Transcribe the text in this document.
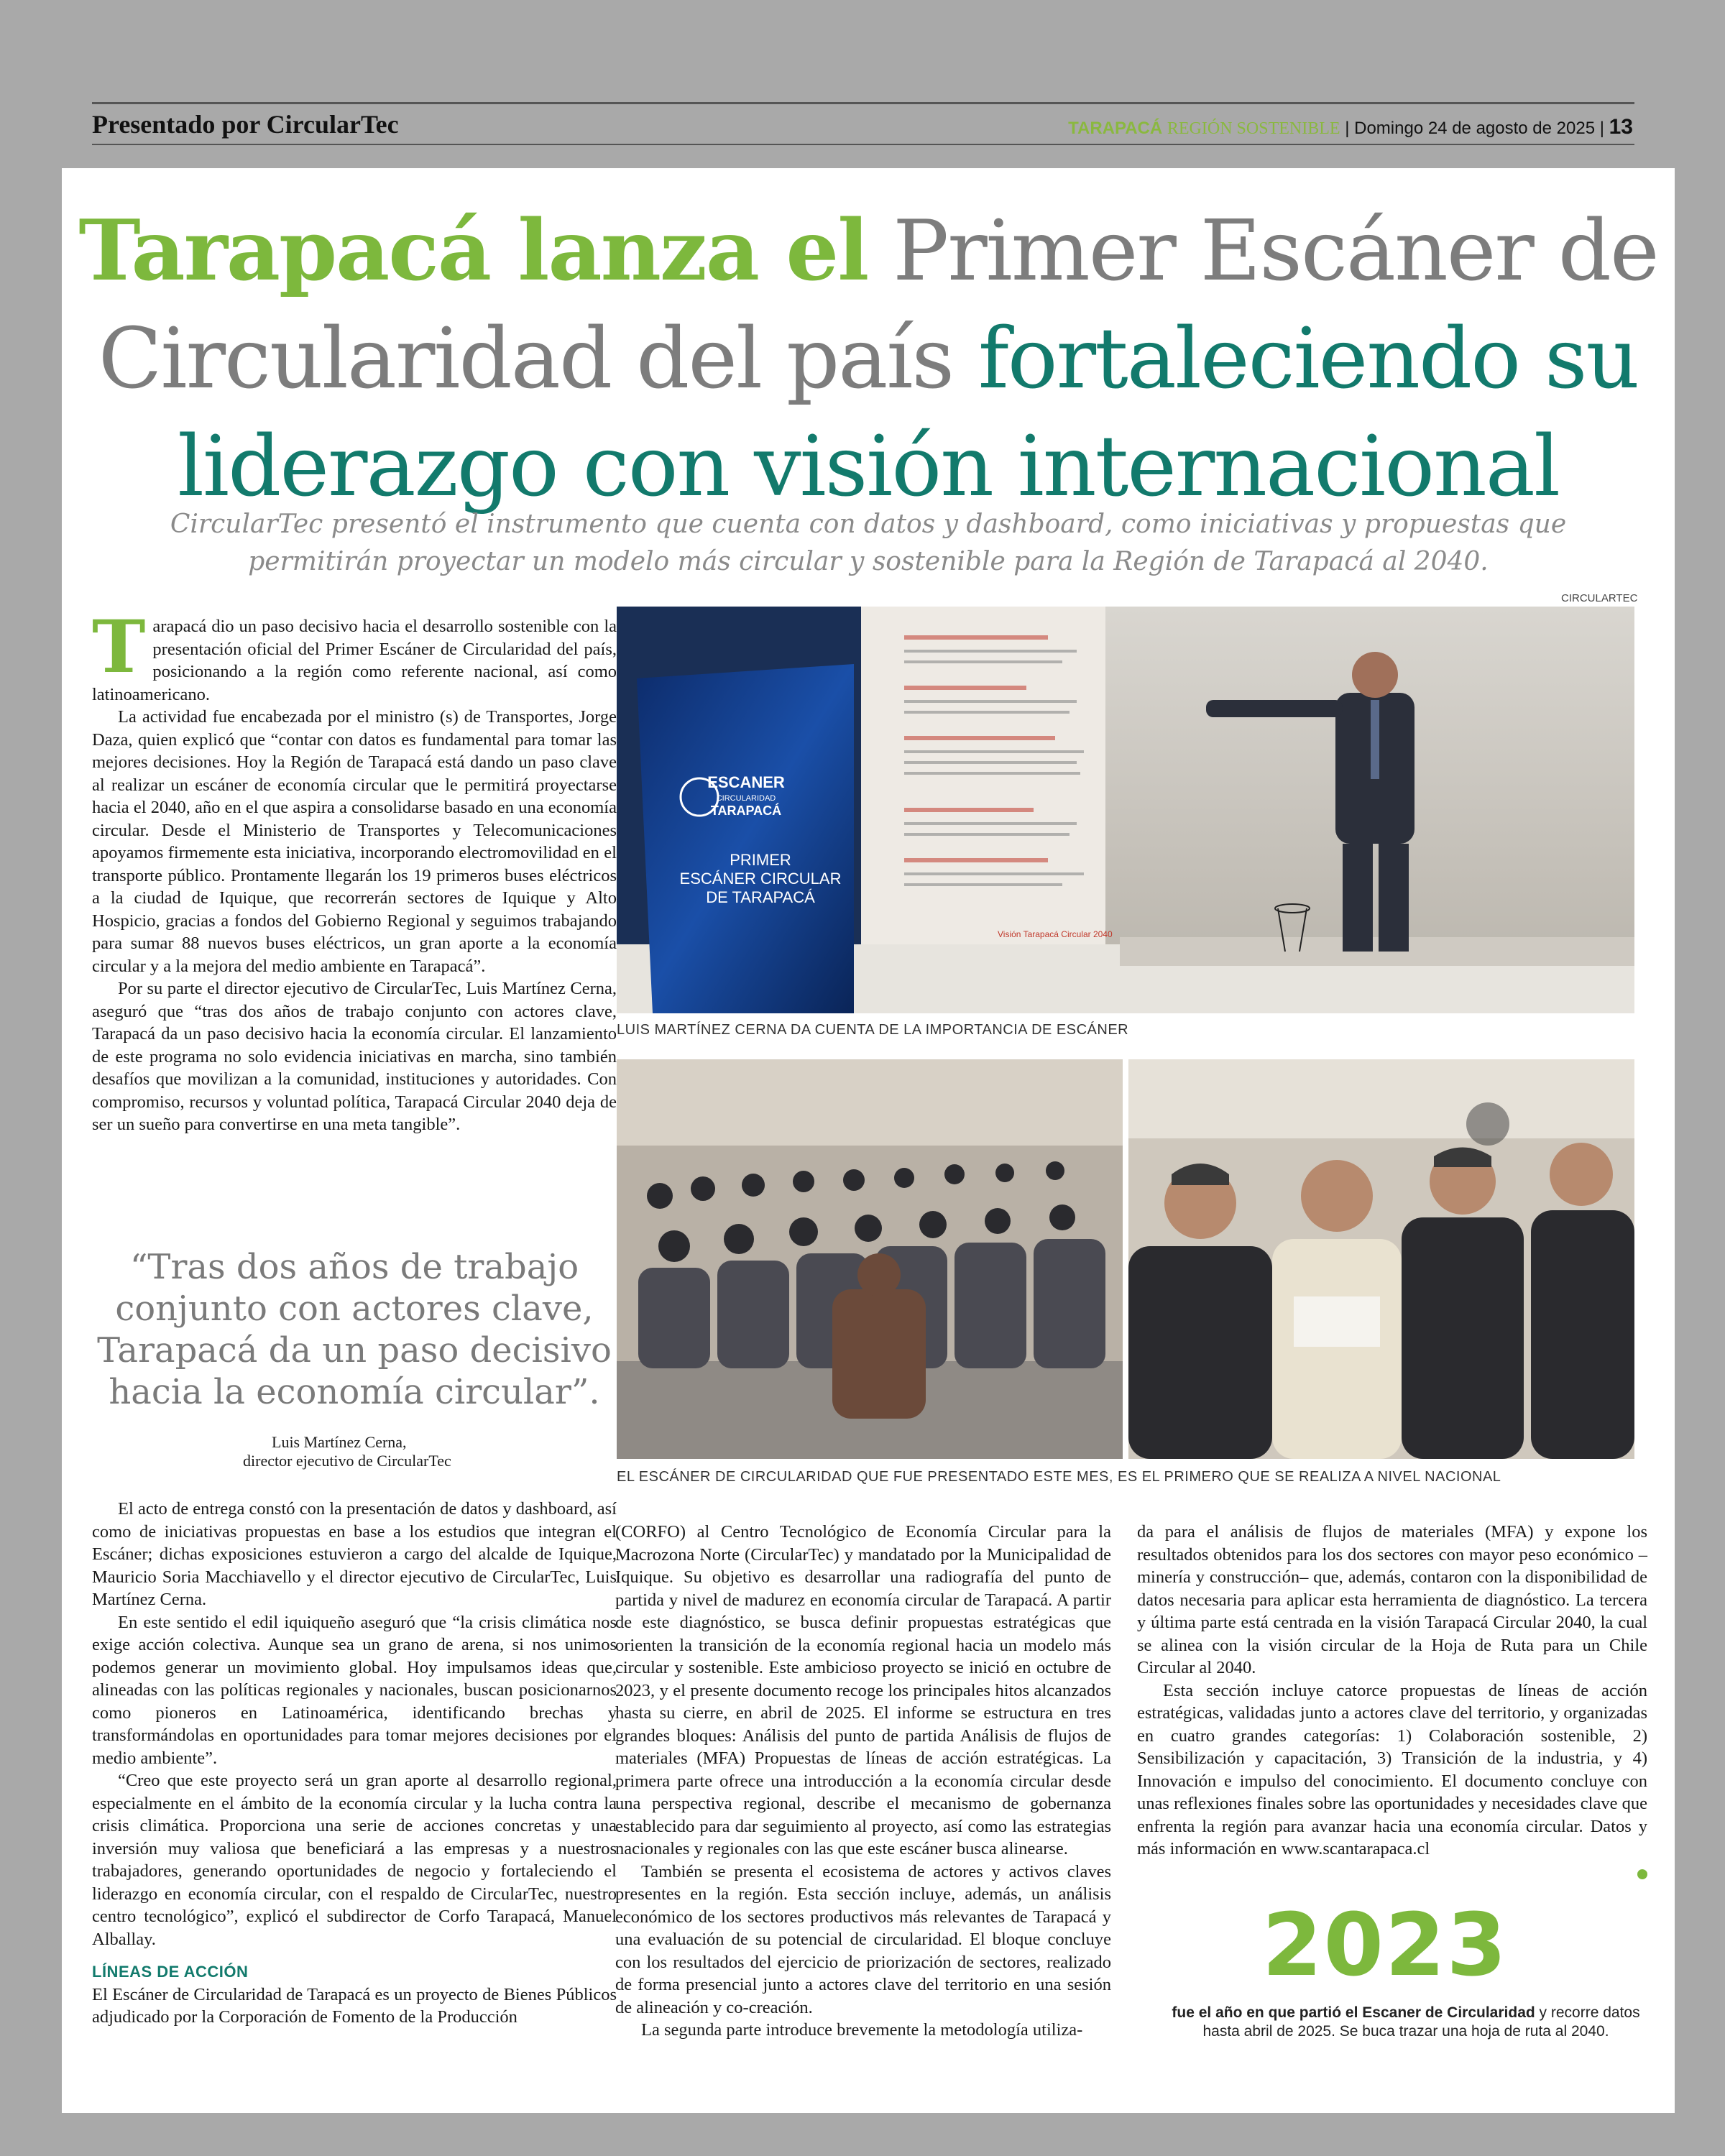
Presentado por CircularTec	TARAPACÁ REGIÓN SOSTENIBLE | Domingo 24 de agosto de 2025 | 13
Tarapacá lanza el Primer Escáner de Circularidad del país fortaleciendo su liderazgo con visión internacional
CircularTec presentó el instrumento que cuenta con datos y dashboard, como iniciativas y propuestas que permitirán proyectar un modelo más circular y sostenible para la Región de Tarapacá al 2040.

Tarapacá dio un paso decisivo hacia el desarrollo sostenible con la presentación oficial del Primer Escáner de Circularidad del país, posicionando a la región como referente nacional, así como latinoamericano.

La actividad fue encabezada por el ministro (s) de Transportes, Jorge Daza, quien explicó que “contar con datos es fundamental para tomar las mejores decisiones. Hoy la Región de Tarapacá está dando un paso clave al realizar un escáner de economía circular que le permitirá proyectarse hacia el 2040, año en el que aspira a consolidarse basado en una economía circular. Desde el Ministerio de Transportes y Telecomunicaciones apoyamos firmemente esta iniciativa, incorporando electromovilidad en el transporte público. Prontamente llegarán los 19 primeros buses eléctricos a la ciudad de Iquique, que recorrerán sectores de Iquique y Alto Hospicio, gracias a fondos del Gobierno Regional y seguimos trabajando para sumar 88 nuevos buses eléctricos, un gran aporte a la economía circular y a la mejora del medio ambiente en Tarapacá”.

Por su parte el director ejecutivo de CircularTec, Luis Martínez Cerna, aseguró que “tras dos años de trabajo conjunto con actores clave, Tarapacá da un paso decisivo hacia la economía circular. El lanzamiento de este programa no solo evidencia iniciativas en marcha, sino también desafíos que movilizan a la comunidad, instituciones y autoridades. Con compromiso, recursos y voluntad política, Tarapacá Circular 2040 deja de ser un sueño para convertirse en una meta tangible”.

“Tras dos años de trabajo conjunto con actores clave, Tarapacá da un paso decisivo hacia la economía circular”.
Luis Martínez Cerna,
director ejecutivo de CircularTec

El acto de entrega constó con la presentación de datos y dashboard, así como de iniciativas propuestas en base a los estudios que integran el Escáner; dichas exposiciones estuvieron a cargo del alcalde de Iquique, Mauricio Soria Macchiavello y el director ejecutivo de CircularTec, Luis Martínez Cerna.

En este sentido el edil iquiqueño aseguró que “la crisis climática nos exige acción colectiva. Aunque sea un grano de arena, si nos unimos podemos generar un movimiento global. Hoy impulsamos ideas que, alineadas con las políticas regionales y nacionales, buscan posicionarnos como pioneros en Latinoamérica, identificando brechas y transformándolas en oportunidades para tomar mejores decisiones por el medio ambiente”.

“Creo que este proyecto será un gran aporte al desarrollo regional, especialmente en el ámbito de la economía circular y la lucha contra la crisis climática. Proporciona una serie de acciones concretas y una inversión muy valiosa que beneficiará a las empresas y a nuestros trabajadores, generando oportunidades de negocio y fortaleciendo el liderazgo en economía circular, con el respaldo de CircularTec, nuestro centro tecnológico”, explicó el subdirector de Corfo Tarapacá, Manuel Alballay.

LÍNEAS DE ACCIÓN

El Escáner de Circularidad de Tarapacá es un proyecto de Bienes Públicos adjudicado por la Corporación de Fomento de la Producción

CIRCULARTEC
Visión Tarapacá Circular 2040
ESCANER
CIRCULARIDAD
TARAPACÁ
PRIMER
ESCÁNER CIRCULAR
DE TARAPACÁ
LUIS MARTÍNEZ CERNA DA CUENTA DE LA IMPORTANCIA DE ESCÁNER
EL ESCÁNER DE CIRCULARIDAD QUE FUE PRESENTADO ESTE MES, ES EL PRIMERO QUE SE REALIZA A NIVEL NACIONAL

(CORFO) al Centro Tecnológico de Economía Circular para la Macrozona Norte (CircularTec) y mandatado por la Municipalidad de Iquique. Su objetivo es desarrollar una radiografía del punto de partida y nivel de madurez en economía circular de Tarapacá. A partir de este diagnóstico, se busca definir propuestas estratégicas que orienten la transición de la economía regional hacia un modelo más circular y sostenible. Este ambicioso proyecto se inició en octubre de 2023, y el presente documento recoge los principales hitos alcanzados hasta su cierre, en abril de 2025. El informe se estructura en tres grandes bloques: Análisis del punto de partida Análisis de flujos de materiales (MFA) Propuestas de líneas de acción estratégicas. La primera parte ofrece una introducción a la economía circular desde una perspectiva regional, describe el mecanismo de gobernanza establecido para dar seguimiento al proyecto, así como las estrategias nacionales y regionales con las que este escáner busca alinearse.

También se presenta el ecosistema de actores y activos claves presentes en la región. Esta sección incluye, además, un análisis económico de los sectores productivos más relevantes de Tarapacá y una evaluación de su potencial de circularidad. El bloque concluye con los resultados del ejercicio de priorización de sectores, realizado de forma presencial junto a actores clave del territorio en una sesión de alineación y co-creación.

La segunda parte introduce brevemente la metodología utiliza-

da para el análisis de flujos de materiales (MFA) y expone los resultados obtenidos para los dos sectores con mayor peso económico –minería y construcción– que, además, contaron con la disponibilidad de datos necesaria para aplicar esta herramienta de diagnóstico. La tercera y última parte está centrada en la visión Tarapacá Circular 2040, la cual se alinea con la visión circular de la Hoja de Ruta para un Chile Circular al 2040.

Esta sección incluye catorce propuestas de líneas de acción estratégicas, validadas junto a actores clave del territorio, y organizadas en cuatro grandes categorías: 1) Colaboración sostenible, 2) Sensibilización y capacitación, 3) Transición de la industria, y 4) Innovación e impulso del conocimiento. El documento concluye con unas reflexiones finales sobre las oportunidades y necesidades clave que enfrenta la región para avanzar hacia una economía circular. Datos y más información en www.scantarapaca.cl

2023
fue el año en que partió el Escaner de Circularidad y recorre datos hasta abril de 2025. Se buca trazar una hoja de ruta al 2040.
